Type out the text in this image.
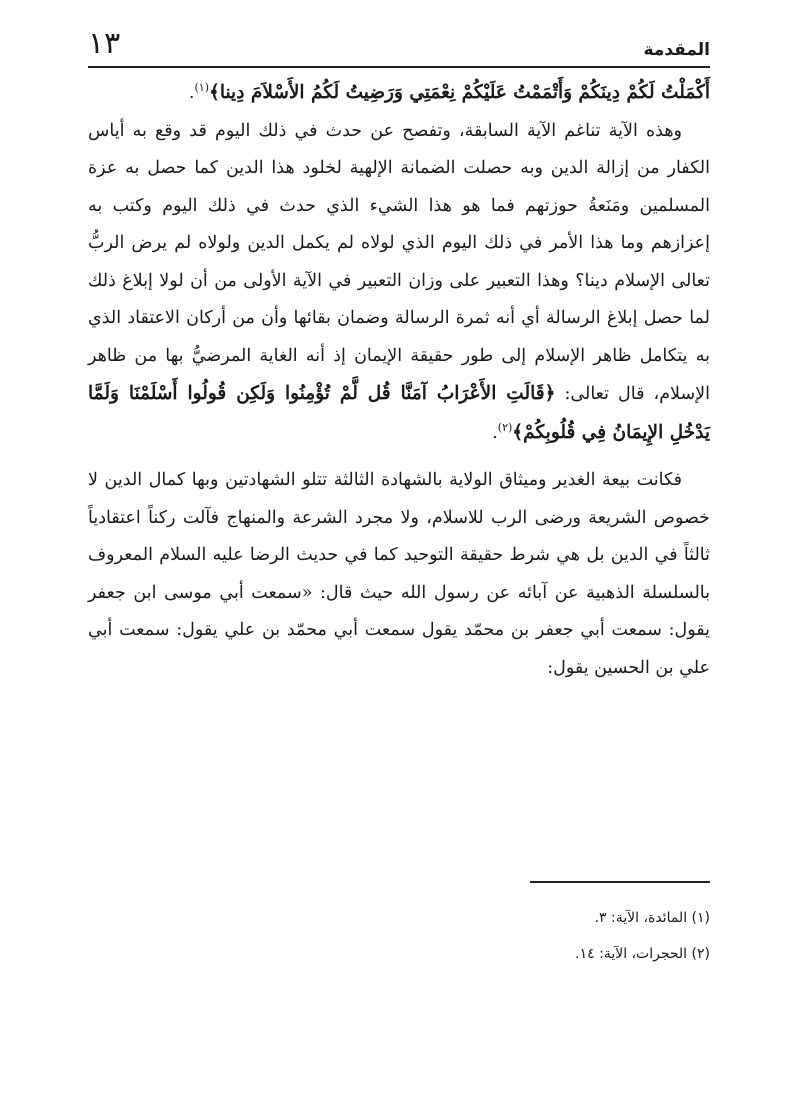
المقدمة
١٣

أَكْمَلْتُ لَكُمْ دِينَكُمْ وَأَتْمَمْتُ عَلَيْكُمْ نِعْمَتِي وَرَضِيتُ لَكُمُ الأَسْلاَمَ دِينا﴾$^{(١)}$.

وهذه الآية تناغم الآية السابقة، وتفصح عن حدث في ذلك اليوم قد وقع به أياس الكفار من إزالة الدين وبه حصلت الضمانة الإلهية لخلود هذا الدين كما حصل به عزة المسلمين ومَنَعةُ حوزتهم فما هو هذا الشيء الذي حدث في ذلك اليوم وكتب به إعزازهم وما هذا الأمر في ذلك اليوم الذي لولاه لم يكمل الدين ولولاه لم يرض الربُّ تعالى الإسلام دينا؟ وهذا التعبير على وزان التعبير في الآية الأولى من أن لولا إبلاغ ذلك لما حصل إبلاغ الرسالة أي أنه ثمرة الرسالة وضمان بقائها وأن من أركان الاعتقاد الذي به يتكامل ظاهر الإسلام إلى طور حقيقة الإيمان إذ أنه الغاية المرضيُّ بها من ظاهر الإسلام، قال تعالى: ﴿قَالَتِ الأَعْرَابُ آمَنَّا قُل لَّمْ تُؤْمِنُوا وَلَكِن قُولُوا أَسْلَمْنَا وَلَمَّا يَدْخُلِ الإِيمَانُ فِي قُلُوبِكُمْ﴾$^{(٢)}$.

فكانت بيعة الغدير وميثاق الولاية بالشهادة الثالثة تتلو الشهادتين وبها كمال الدين لا خصوص الشريعة ورضى الرب للاسلام، ولا مجرد الشرعة والمنهاج فآلت ركناً اعتقادياً ثالثاً في الدين بل هي شرط حقيقة التوحيد كما في حديث الرضا عليه السلام المعروف بالسلسلة الذهبية عن آبائه عن رسول الله حيث قال: «سمعت أبي موسى ابن جعفر يقول: سمعت أبي جعفر بن محمّد يقول سمعت أبي محمّد بن علي يقول: سمعت أبي علي بن الحسين يقول:

(١) المائدة، الآية: ٣.
(٢) الحجرات، الآية: ١٤.
